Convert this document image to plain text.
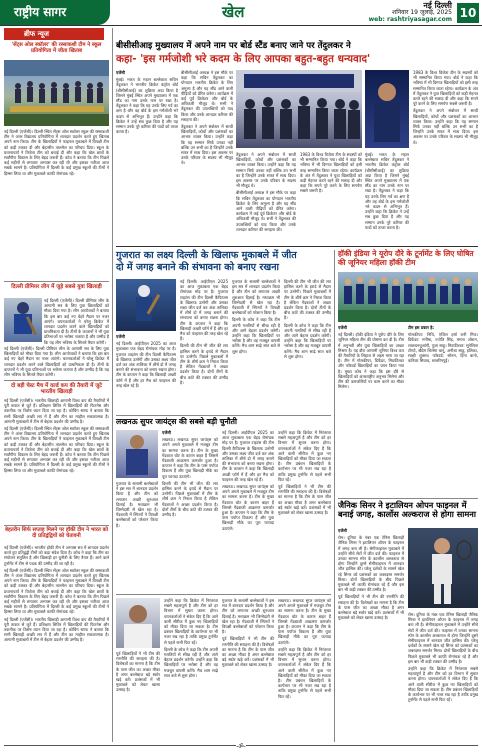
राष्ट्रीय सागर	खेल	नई दिल्ली
शनिवार 19 जुलाई, 2025
web: rashtriyasagar.com 10
ब्रीफ न्यूज
'सेंट्स ओल स्कॉलर' की रस्साकशी टीम ने स्कूल प्रतियोगिता में जीता खिताब

नई दिल्ली (एजेंसी)। दिल्ली स्थित सेंट्स ओल स्कॉलर स्कूल की रस्साकशी टीम ने अंतर विद्यालय प्रतियोगिता में शानदार प्रदर्शन करते हुए खिताब अपने नाम किया। टीम के खिलाड़ियों ने फाइनल मुकाबले में विपक्षी टीम को कड़ी टक्कर दी और बेहतरीन तालमेल का परिचय दिया। स्कूल के प्रधानाचार्य ने विजेता टीम को बधाई दी और कहा कि खेल छात्रों के सर्वांगीण विकास के लिए बेहद जरूरी हैं। कोच ने बताया कि टीम पिछले कई महीनों से लगातार अभ्यास कर रही थी और इसका नतीजा आज सबके सामने है। प्रतियोगिता में दिल्ली के कई प्रमुख स्कूलों की टीमों ने हिस्सा लिया था और मुकाबले काफी रोमांचक रहे।

दिल्ली प्रीमियर लीग में जुड़े सबसे युवा खिलाड़ी

नई दिल्ली (एजेंसी)। दिल्ली प्रीमियर लीग के आगामी सत्र के लिए युवा खिलाड़ियों को मौका दिया गया है। लीग आयोजकों ने बताया कि इस बार कई नए चेहरे मैदान पर नजर आएंगे। चयनकर्ताओं ने घरेलू क्रिकेट में शानदार प्रदर्शन करने वाले खिलाड़ियों को प्राथमिकता दी है। टीमों के कप्तानों ने भी युवा प्रतिभाओं पर भरोसा जताया है और उम्मीद है कि यह लीग भविष्य के सितारे तैयार करेगी।

नई दिल्ली (एजेंसी)। दिल्ली प्रीमियर लीग के आगामी सत्र के लिए युवा खिलाड़ियों को मौका दिया गया है। लीग आयोजकों ने बताया कि इस बार कई नए चेहरे मैदान पर नजर आएंगे। चयनकर्ताओं ने घरेलू क्रिकेट में शानदार प्रदर्शन करने वाले खिलाड़ियों को प्राथमिकता दी है। टीमों के कप्तानों ने भी युवा प्रतिभाओं पर भरोसा जताया है और उम्मीद है कि यह लीग भविष्य के सितारे तैयार करेगी।

दो बड़ी चेस्ट मैच में वर्ल्ड कप की तैयारी में जुटे भारतीय खिलाड़ी

नई दिल्ली (एजेंसी)। भारतीय खिलाड़ी आगामी विश्व कप की तैयारियों में पूरी ताकत से जुटे हैं। प्रशिक्षण शिविर में खिलाड़ियों की फिटनेस और तकनीक पर विशेष ध्यान दिया जा रहा है। कोचिंग स्टाफ ने बताया कि सभी खिलाड़ी अच्छी लय में हैं और टीम का माहौल सकारात्मक है। आगामी मुकाबलों में टीम से बेहतर प्रदर्शन की उम्मीद है।

नई दिल्ली (एजेंसी)। दिल्ली स्थित सेंट्स ओल स्कॉलर स्कूल की रस्साकशी टीम ने अंतर विद्यालय प्रतियोगिता में शानदार प्रदर्शन करते हुए खिताब अपने नाम किया। टीम के खिलाड़ियों ने फाइनल मुकाबले में विपक्षी टीम को कड़ी टक्कर दी और बेहतरीन तालमेल का परिचय दिया। स्कूल के प्रधानाचार्य ने विजेता टीम को बधाई दी और कहा कि खेल छात्रों के सर्वांगीण विकास के लिए बेहद जरूरी हैं। कोच ने बताया कि टीम पिछले कई महीनों से लगातार अभ्यास कर रही थी और इसका नतीजा आज सबके सामने है। प्रतियोगिता में दिल्ली के कई प्रमुख स्कूलों की टीमों ने हिस्सा लिया था और मुकाबले काफी रोमांचक रहे।

बेहतरीन सिर्फ सप्ताह मिलने पर हॉकी टीम ने भारत को दी प्रतिद्वंद्वियों को चेतावनी

नई दिल्ली (एजेंसी)। भारतीय हॉकी टीम ने अभ्यास सत्र में शानदार प्रदर्शन करते हुए प्रतिद्वंद्वी टीमों को कड़ा संदेश दिया है। कोच ने कहा कि टीम का संयोजन संतुलित है और खिलाड़ी हर चुनौती के लिए तैयार हैं। आने वाले टूर्नामेंट में टीम से पदक की उम्मीद की जा रही है।

नई दिल्ली (एजेंसी)। दिल्ली स्थित सेंट्स ओल स्कॉलर स्कूल की रस्साकशी टीम ने अंतर विद्यालय प्रतियोगिता में शानदार प्रदर्शन करते हुए खिताब अपने नाम किया। टीम के खिलाड़ियों ने फाइनल मुकाबले में विपक्षी टीम को कड़ी टक्कर दी और बेहतरीन तालमेल का परिचय दिया। स्कूल के प्रधानाचार्य ने विजेता टीम को बधाई दी और कहा कि खेल छात्रों के सर्वांगीण विकास के लिए बेहद जरूरी हैं। कोच ने बताया कि टीम पिछले कई महीनों से लगातार अभ्यास कर रही थी और इसका नतीजा आज सबके सामने है। प्रतियोगिता में दिल्ली के कई प्रमुख स्कूलों की टीमों ने हिस्सा लिया था और मुकाबले काफी रोमांचक रहे।

नई दिल्ली (एजेंसी)। भारतीय खिलाड़ी आगामी विश्व कप की तैयारियों में पूरी ताकत से जुटे हैं। प्रशिक्षण शिविर में खिलाड़ियों की फिटनेस और तकनीक पर विशेष ध्यान दिया जा रहा है। कोचिंग स्टाफ ने बताया कि सभी खिलाड़ी अच्छी लय में हैं और टीम का माहौल सकारात्मक है। आगामी मुकाबलों में टीम से बेहतर प्रदर्शन की उम्मीद है।

बीसीसीआइ मुख्यालय में अपने नाम पर बोर्ड स्टैंड बनाए जाने पर तेंदुलकर ने
कहा- 'इस गर्मजोशी भरे कदम के लिए आपका बहुत-बहुत धन्यवाद'

एजेंसी

मुंबई। भारत के महान बल्लेबाज सचिन तेंदुलकर ने भारतीय क्रिकेट कंट्रोल बोर्ड (बीसीसीआई) का शुक्रिया अदा किया है जिसने मुंबई स्थित अपने मुख्यालय में एक स्टैंड का नाम उनके नाम पर रखा है। तेंदुलकर ने कहा कि यह उनके लिए गर्व का क्षण है और वह बोर्ड के इस गर्मजोशी भरे कदम से अभिभूत हैं। उन्होंने कहा कि क्रिकेट ने उन्हें सब कुछ दिया है और यह सम्मान उनके पूरे करियर की यादों को ताजा करता है।

बीसीसीआई अध्यक्ष ने इस मौके पर कहा कि सचिन तेंदुलकर का योगदान भारतीय क्रिकेट के लिए अमूल्य है और यह स्टैंड आने वाली पीढ़ियों को प्रेरित करेगा। कार्यक्रम में कई पूर्व क्रिकेटर और बोर्ड के अधिकारी मौजूद थे। सभी ने तेंदुलकर की उपलब्धियों को याद किया और उनके शानदार करियर की सराहना की।

तेंदुलकर ने अपने संबोधन में साथी खिलाड़ियों, कोचों और प्रशंसकों का आभार व्यक्त किया। उन्होंने कहा कि यह सम्मान सिर्फ उनका नहीं बल्कि उन सभी का है जिन्होंने उनके सफर में साथ दिया। इस अवसर पर उनके परिवार के सदस्य भी मौजूद थे।

तेंदुलकर ने अपने संबोधन में साथी खिलाड़ियों, कोचों और प्रशंसकों का आभार व्यक्त किया। उन्होंने कहा कि यह सम्मान सिर्फ उनका नहीं बल्कि उन सभी का है जिन्होंने उनके सफर में साथ दिया। इस अवसर पर उनके परिवार के सदस्य भी मौजूद थे।

बीसीसीआई अध्यक्ष ने इस मौके पर कहा कि सचिन तेंदुलकर का योगदान भारतीय क्रिकेट के लिए अमूल्य है और यह स्टैंड आने वाली पीढ़ियों को प्रेरित करेगा। कार्यक्रम में कई पूर्व क्रिकेटर और बोर्ड के अधिकारी मौजूद थे। सभी ने तेंदुलकर की उपलब्धियों को याद किया और उनके शानदार करियर की सराहना की।

1983 के विश्व विजेता टीम के सदस्यों को भी सम्मानित किया गया। बोर्ड ने कहा कि भविष्य में भी दिग्गज खिलाड़ियों को इसी तरह सम्मानित किया जाता रहेगा। कार्यक्रम के अंत में तेंदुलकर ने युवा खिलाड़ियों को कड़ी मेहनत करते रहने की सलाह दी और कहा कि सपने पूरे करने के लिए समर्पण सबसे जरूरी है।

मुंबई। भारत के महान बल्लेबाज सचिन तेंदुलकर ने भारतीय क्रिकेट कंट्रोल बोर्ड (बीसीसीआई) का शुक्रिया अदा किया है जिसने मुंबई स्थित अपने मुख्यालय में एक स्टैंड का नाम उनके नाम पर रखा है। तेंदुलकर ने कहा कि यह उनके लिए गर्व का क्षण है और वह बोर्ड के इस गर्मजोशी भरे कदम से अभिभूत हैं। उन्होंने कहा कि क्रिकेट ने उन्हें सब कुछ दिया है और यह सम्मान उनके पूरे करियर की यादों को ताजा करता है।

1983 के विश्व विजेता टीम के सदस्यों को भी सम्मानित किया गया। बोर्ड ने कहा कि भविष्य में भी दिग्गज खिलाड़ियों को इसी तरह सम्मानित किया जाता रहेगा। कार्यक्रम के अंत में तेंदुलकर ने युवा खिलाड़ियों को कड़ी मेहनत करते रहने की सलाह दी और कहा कि सपने पूरे करने के लिए समर्पण सबसे जरूरी है।

तेंदुलकर ने अपने संबोधन में साथी खिलाड़ियों, कोचों और प्रशंसकों का आभार व्यक्त किया। उन्होंने कहा कि यह सम्मान सिर्फ उनका नहीं बल्कि उन सभी का है जिन्होंने उनके सफर में साथ दिया। इस अवसर पर उनके परिवार के सदस्य भी मौजूद थे।

गुजरात का लक्ष्य दिल्ली के खिलाफ मुकाबले में जीत
दो में जगह बनाने की संभावना को बनाए रखना

एजेंसी

नई दिल्ली। आईपीएल 2025 का आज मुकाबला एक बेहद रोमांचक मोड़ पर है। गुजरात टाइटंस की टीम दिल्ली कैपिटल्स के खिलाफ उतरेगी और उसका लक्ष्य जीत दर्ज कर अंक तालिका में शीर्ष दो में जगह बनाने की संभावना को बनाए रखना होगा। टीम के कप्तान ने कहा कि खिलाड़ी अच्छी फॉर्म में हैं और हर मैच को फाइनल की तरह खेल रहे हैं।

नई दिल्ली। आईपीएल 2025 का आज मुकाबला एक बेहद रोमांचक मोड़ पर है। गुजरात टाइटंस की टीम दिल्ली कैपिटल्स के खिलाफ उतरेगी और उसका लक्ष्य जीत दर्ज कर अंक तालिका में शीर्ष दो में जगह बनाने की संभावना को बनाए रखना होगा। टीम के कप्तान ने कहा कि खिलाड़ी अच्छी फॉर्म में हैं और हर मैच को फाइनल की तरह खेल रहे हैं।

दिल्ली की टीम भी जीत की लय हासिल करने के इरादे से मैदान पर उतरेगी। पिछले मुकाबलों में टीम के शीर्ष क्रम ने निराश किया है लेकिन गेंदबाजों ने अच्छा प्रदर्शन किया है। दोनों टीमों के बीच कांटे की टक्कर की उम्मीद है।

गुजरात के सलामी बल्लेबाजों ने इस सत्र में शानदार प्रदर्शन किया है और टीम को लगातार अच्छी शुरुआत दिलाई है। मध्यक्रम भी जिम्मेदारी से खेल रहा है। गेंदबाजी में स्पिनरों ने विपक्षी बल्लेबाजों को परेशान किया है।

दिल्ली के कोच ने कहा कि टीम अपनी गलतियों से सीख रही है और आगे बेहतर प्रदर्शन करेगी। उन्होंने कहा कि खिलाड़ियों पर भरोसा है और वह मजबूत वापसी करेंगे। मैच शाम साढ़े सात बजे से शुरू होगा।

दिल्ली की टीम भी जीत की लय हासिल करने के इरादे से मैदान पर उतरेगी। पिछले मुकाबलों में टीम के शीर्ष क्रम ने निराश किया है लेकिन गेंदबाजों ने अच्छा प्रदर्शन किया है। दोनों टीमों के बीच कांटे की टक्कर की उम्मीद है।

दिल्ली के कोच ने कहा कि टीम अपनी गलतियों से सीख रही है और आगे बेहतर प्रदर्शन करेगी। उन्होंने कहा कि खिलाड़ियों पर भरोसा है और वह मजबूत वापसी करेंगे। मैच शाम साढ़े सात बजे से शुरू होगा।

लखनऊ सुपर जायंट्स की सबसे बड़ी चुनौती

एजेंसी

लखनऊ। लखनऊ सुपर जायंट्स को अपने अगले मुकाबले में मजबूत टीम का सामना करना है। टीम के मुख्य गेंदबाज चोट के कारण बाहर हैं जिससे गेंदबाजी आक्रमण कमजोर हुआ है। कप्तान ने कहा कि टीम के पास पर्याप्त विकल्प हैं और युवा खिलाड़ी मौके का पूरा फायदा उठाएंगे।

दिल्ली की टीम भी जीत की लय हासिल करने के इरादे से मैदान पर उतरेगी। पिछले मुकाबलों में टीम के शीर्ष क्रम ने निराश किया है लेकिन गेंदबाजों ने अच्छा प्रदर्शन किया है। दोनों टीमों के बीच कांटे की टक्कर की उम्मीद है।

गुजरात के सलामी बल्लेबाजों ने इस सत्र में शानदार प्रदर्शन किया है और टीम को लगातार अच्छी शुरुआत दिलाई है। मध्यक्रम भी जिम्मेदारी से खेल रहा है। गेंदबाजी में स्पिनरों ने विपक्षी बल्लेबाजों को परेशान किया है।

नई दिल्ली। आईपीएल 2025 का आज मुकाबला एक बेहद रोमांचक मोड़ पर है। गुजरात टाइटंस की टीम दिल्ली कैपिटल्स के खिलाफ उतरेगी और उसका लक्ष्य जीत दर्ज कर अंक तालिका में शीर्ष दो में जगह बनाने की संभावना को बनाए रखना होगा। टीम के कप्तान ने कहा कि खिलाड़ी अच्छी फॉर्म में हैं और हर मैच को फाइनल की तरह खेल रहे हैं।

लखनऊ। लखनऊ सुपर जायंट्स को अपने अगले मुकाबले में मजबूत टीम का सामना करना है। टीम के मुख्य गेंदबाज चोट के कारण बाहर हैं जिससे गेंदबाजी आक्रमण कमजोर हुआ है। कप्तान ने कहा कि टीम के पास पर्याप्त विकल्प हैं और युवा खिलाड़ी मौके का पूरा फायदा उठाएंगे।

उन्होंने कहा कि क्रिकेट में निरंतरता सबसे महत्वपूर्ण है और टीम को हर विभाग में सुधार करना होगा। चयनकर्ताओं ने संकेत दिए हैं कि आने वाली सीरीज में कुछ नए खिलाड़ियों को मौका दिया जा सकता है। टीम प्रबंधन खिलाड़ियों के कार्यभार पर भी नजर रख रहा है ताकि प्रमुख टूर्नामेंट से पहले सभी फिट रहें।

पूर्व खिलाड़ियों ने भी टीम की रणनीति की सराहना की है। विशेषज्ञों का मानना है कि टीम के पास जीत का अच्छा मौका है अगर बल्लेबाज बड़े स्कोर खड़े करें। प्रशंसकों में भी मुकाबले को लेकर खासा उत्साह है।

पूर्व खिलाड़ियों ने भी टीम की रणनीति की सराहना की है। विशेषज्ञों का मानना है कि टीम के पास जीत का अच्छा मौका है अगर बल्लेबाज बड़े स्कोर खड़े करें। प्रशंसकों में भी मुकाबले को लेकर खासा उत्साह है।

उन्होंने कहा कि क्रिकेट में निरंतरता सबसे महत्वपूर्ण है और टीम को हर विभाग में सुधार करना होगा। चयनकर्ताओं ने संकेत दिए हैं कि आने वाली सीरीज में कुछ नए खिलाड़ियों को मौका दिया जा सकता है। टीम प्रबंधन खिलाड़ियों के कार्यभार पर भी नजर रख रहा है ताकि प्रमुख टूर्नामेंट से पहले सभी फिट रहें।

दिल्ली के कोच ने कहा कि टीम अपनी गलतियों से सीख रही है और आगे बेहतर प्रदर्शन करेगी। उन्होंने कहा कि खिलाड़ियों पर भरोसा है और वह मजबूत वापसी करेंगे। मैच शाम साढ़े सात बजे से शुरू होगा।

गुजरात के सलामी बल्लेबाजों ने इस सत्र में शानदार प्रदर्शन किया है और टीम को लगातार अच्छी शुरुआत दिलाई है। मध्यक्रम भी जिम्मेदारी से खेल रहा है। गेंदबाजी में स्पिनरों ने विपक्षी बल्लेबाजों को परेशान किया है।

पूर्व खिलाड़ियों ने भी टीम की रणनीति की सराहना की है। विशेषज्ञों का मानना है कि टीम के पास जीत का अच्छा मौका है अगर बल्लेबाज बड़े स्कोर खड़े करें। प्रशंसकों में भी मुकाबले को लेकर खासा उत्साह है।

लखनऊ। लखनऊ सुपर जायंट्स को अपने अगले मुकाबले में मजबूत टीम का सामना करना है। टीम के मुख्य गेंदबाज चोट के कारण बाहर हैं जिससे गेंदबाजी आक्रमण कमजोर हुआ है। कप्तान ने कहा कि टीम के पास पर्याप्त विकल्प हैं और युवा खिलाड़ी मौके का पूरा फायदा उठाएंगे।

उन्होंने कहा कि क्रिकेट में निरंतरता सबसे महत्वपूर्ण है और टीम को हर विभाग में सुधार करना होगा। चयनकर्ताओं ने संकेत दिए हैं कि आने वाली सीरीज में कुछ नए खिलाड़ियों को मौका दिया जा सकता है। टीम प्रबंधन खिलाड़ियों के कार्यभार पर भी नजर रख रहा है ताकि प्रमुख टूर्नामेंट से पहले सभी फिट रहें।

हॉकी इंडिया ने यूरोप दौरे के टूर्नामेंट के लिए घोषित की जूनियर महिला हॉकी टीम

एजेंसी

नई दिल्ली। हॉकी इंडिया ने यूरोप दौरे के लिए जूनियर महिला टीम की घोषणा कर दी है। टीम में अनुभवी और युवा खिलाड़ियों का अच्छा मिश्रण है। यह दौरा आगामी जूनियर विश्व कप की तैयारियों के लिहाज से अहम माना जा रहा है। टीम में गोलकीपर, डिफेंडर, मिडफील्डर और फॉरवर्ड खिलाड़ियों का चयन किया गया है। मुख्य कोच ने कहा कि इस दौरे से खिलाड़ियों को अंतरराष्ट्रीय अनुभव मिलेगा और टीम की कमजोरियों पर काम करने का मौका मिलेगा।

टीम इस प्रकार है:

गोलकीपर: निधि, एंजिल हर्षा रानी मिंज। डिफेंडर: मनीषा, ज्योति सिंह, ममता ओराम, लालथनथुआंगी, पूजा साहू। मिडफील्डर: सुनेलिता टोप्पो, खैदेम शिलेमा चानू, अनीशा साहू, इशिका, साक्षी शुक्ला। फॉरवर्ड: सोनम, हिना बानो, कनिका सिवाच, लालरिनपुई।

जैनिक सिनर ने इटालियन ओपन फाइनल में बनाई जगह, कार्लोस अल्कराज से होगा सामना

एजेंसी

रोम। दुनिया के नंबर एक टेनिस खिलाड़ी जैनिक सिनर ने इटालियन ओपन के फाइनल में जगह बना ली है। सेमीफाइनल मुकाबले में उन्होंने सीधे सेटों में जीत दर्ज की। फाइनल में उनका सामना स्पेन के कार्लोस अल्कराज से होगा जिन्होंने दूसरे सेमीफाइनल में शानदार जीत हासिल की। घरेलू दर्शकों के सामने खेल रहे सिनर को प्रशंसकों का जबरदस्त समर्थन मिला। दोनों खिलाड़ियों के बीच पिछले मुकाबले भी काफी रोमांचक रहे हैं और इस बार भी कड़ी टक्कर की उम्मीद है।

पूर्व खिलाड़ियों ने भी टीम की रणनीति की सराहना की है। विशेषज्ञों का मानना है कि टीम के पास जीत का अच्छा मौका है अगर बल्लेबाज बड़े स्कोर खड़े करें। प्रशंसकों में भी मुकाबले को लेकर खासा उत्साह है।

रोम। दुनिया के नंबर एक टेनिस खिलाड़ी जैनिक सिनर ने इटालियन ओपन के फाइनल में जगह बना ली है। सेमीफाइनल मुकाबले में उन्होंने सीधे सेटों में जीत दर्ज की। फाइनल में उनका सामना स्पेन के कार्लोस अल्कराज से होगा जिन्होंने दूसरे सेमीफाइनल में शानदार जीत हासिल की। घरेलू दर्शकों के सामने खेल रहे सिनर को प्रशंसकों का जबरदस्त समर्थन मिला। दोनों खिलाड़ियों के बीच पिछले मुकाबले भी काफी रोमांचक रहे हैं और इस बार भी कड़ी टक्कर की उम्मीद है।

उन्होंने कहा कि क्रिकेट में निरंतरता सबसे महत्वपूर्ण है और टीम को हर विभाग में सुधार करना होगा। चयनकर्ताओं ने संकेत दिए हैं कि आने वाली सीरीज में कुछ नए खिलाड़ियों को मौका दिया जा सकता है। टीम प्रबंधन खिलाड़ियों के कार्यभार पर भी नजर रख रहा है ताकि प्रमुख टूर्नामेंट से पहले सभी फिट रहें।

-ॐ-
